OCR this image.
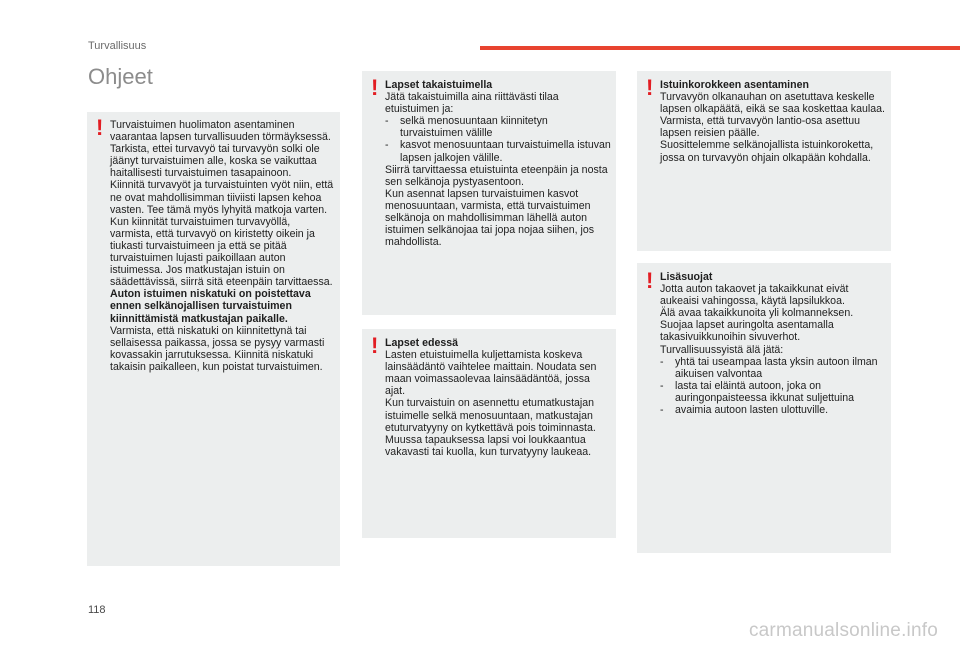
Turvallisuus
Ohjeet
! Turvaistuimen huolimaton asentaminen vaarantaa lapsen turvallisuuden törmäyksessä.

Tarkista, ettei turvavyö tai turvavyön solki ole jäänyt turvaistuimen alle, koska se vaikuttaa haitallisesti turvaistuimen tasapainoon.

Kiinnitä turvavyöt ja turvaistuinten vyöt niin, että ne ovat mahdollisimman tiiviisti lapsen kehoa vasten. Tee tämä myös lyhyitä matkoja varten.

Kun kiinnität turvaistuimen turvavyöllä, varmista, että turvavyö on kiristetty oikein ja tiukasti turvaistuimeen ja että se pitää turvaistuimen lujasti paikoillaan auton istuimessa. Jos matkustajan istuin on säädettävissä, siirrä sitä eteenpäin tarvittaessa.

Auton istuimen niskatuki on poistettava ennen selkänojallisen turvaistuimen kiinnittämistä matkustajan paikalle.

Varmista, että niskatuki on kiinnitettynä tai sellaisessa paikassa, jossa se pysyy varmasti kovassakin jarrutuksessa. Kiinnitä niskatuki takaisin paikalleen, kun poistat turvaistuimen.

! Lapset takaistuimella

Jätä takaistuimilla aina riittävästi tilaa etuistuimen ja:

- selkä menosuuntaan kiinnitetyn turvaistuimen välille
- kasvot menosuuntaan turvaistuimella istuvan lapsen jalkojen välille.

Siirrä tarvittaessa etuistuinta eteenpäin ja nosta sen selkänoja pystyasentoon.

Kun asennat lapsen turvaistuimen kasvot menosuuntaan, varmista, että turvaistuimen selkänoja on mahdollisimman lähellä auton istuimen selkänojaa tai jopa nojaa siihen, jos mahdollista.

! Lapset edessä

Lasten etuistuimella kuljettamista koskeva lainsäädäntö vaihtelee maittain. Noudata sen maan voimassaolevaa lainsäädäntöä, jossa ajat.

Kun turvaistuin on asennettu etumatkustajan istuimelle selkä menosuuntaan, matkustajan etuturvatyyny on kytkettävä pois toiminnasta.

Muussa tapauksessa lapsi voi loukkaantua vakavasti tai kuolla, kun turvatyyny laukeaa.

! Istuinkorokkeen asentaminen

Turvavyön olkanauhan on asetuttava keskelle lapsen olkapäätä, eikä se saa koskettaa kaulaa.

Varmista, että turvavyön lantio-osa asettuu lapsen reisien päälle.

Suosittelemme selkänojallista istuinkoroketta, jossa on turvavyön ohjain olkapään kohdalla.

! Lisäsuojat

Jotta auton takaovet ja takaikkunat eivät aukeaisi vahingossa, käytä lapsilukkoa.

Älä avaa takaikkunoita yli kolmanneksen.

Suojaa lapset auringolta asentamalla takasivuikkunoihin sivuverhot.

Turvallisuussyistä älä jätä:

- yhtä tai useampaa lasta yksin autoon ilman aikuisen valvontaa
- lasta tai eläintä autoon, joka on auringonpaisteessa ikkunat suljettuina
- avaimia autoon lasten ulottuville.
118
carmanualsonline.info
